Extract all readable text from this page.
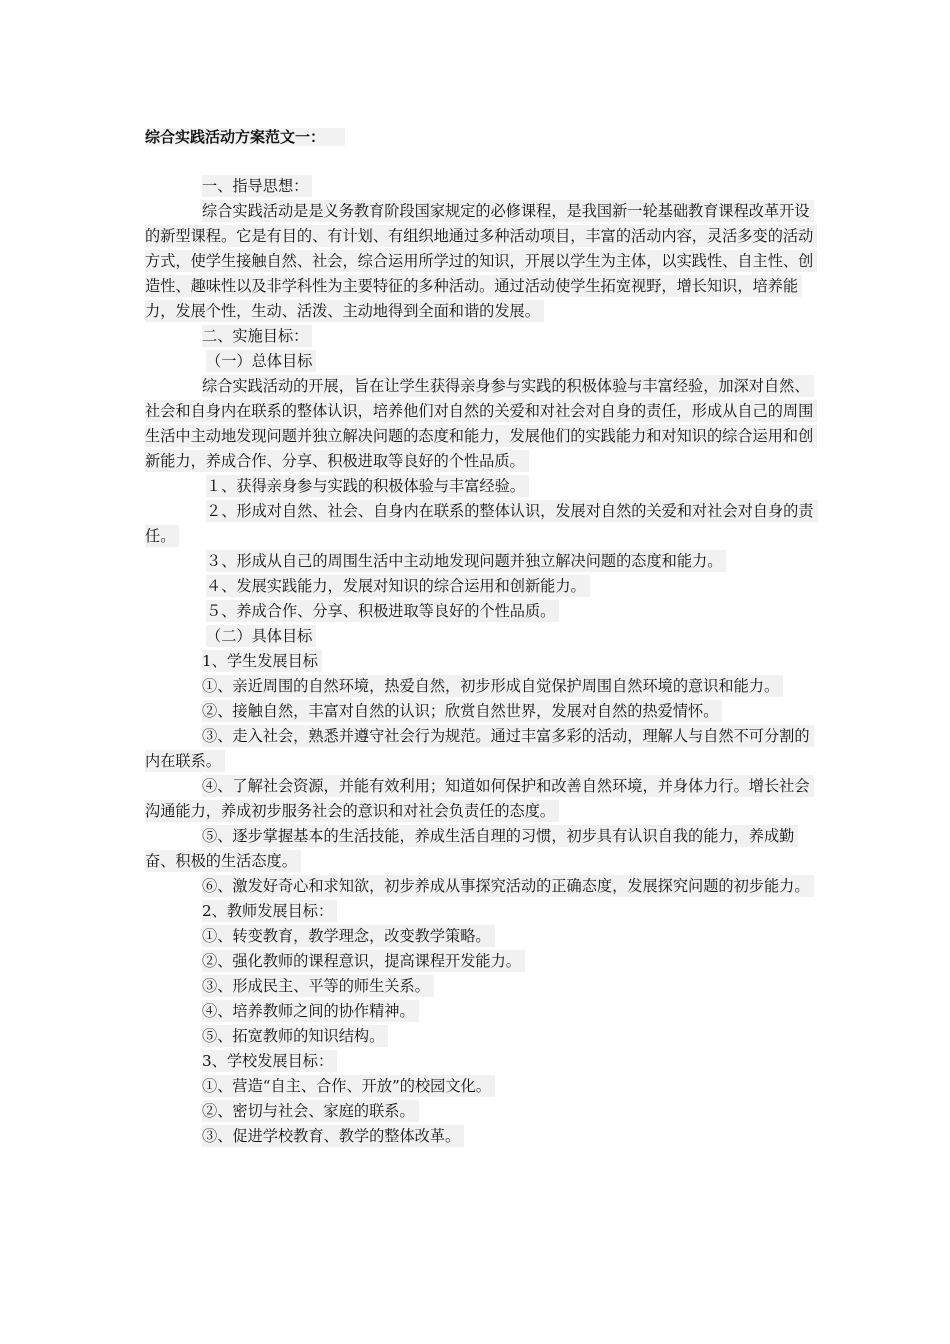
综合实践活动方案范文一：

一、指导思想：

综合实践活动是是义务教育阶段国家规定的必修课程，是我国新一轮基础教育课程改革开设的新型课程。它是有目的、有计划、有组织地通过多种活动项目，丰富的活动内容，灵活多变的活动方式，使学生接触自然、社会，综合运用所学过的知识，开展以学生为主体，以实践性、自主性、创造性、趣味性以及非学科性为主要特征的多种活动。通过活动使学生拓宽视野，增长知识，培养能力，发展个性，生动、活泼、主动地得到全面和谐的发展。

二、实施目标：

（一）总体目标

综合实践活动的开展，旨在让学生获得亲身参与实践的积极体验与丰富经验，加深对自然、社会和自身内在联系的整体认识，培养他们对自然的关爱和对社会对自身的责任，形成从自己的周围生活中主动地发现问题并独立解决问题的态度和能力，发展他们的实践能力和对知识的综合运用和创新能力，养成合作、分享、积极进取等良好的个性品质。

１、获得亲身参与实践的积极体验与丰富经验。

２、形成对自然、社会、自身内在联系的整体认识，发展对自然的关爱和对社会对自身的责任。

３、形成从自己的周围生活中主动地发现问题并独立解决问题的态度和能力。

４、发展实践能力，发展对知识的综合运用和创新能力。

５、养成合作、分享、积极进取等良好的个性品质。

（二）具体目标

1、学生发展目标

①、亲近周围的自然环境，热爱自然，初步形成自觉保护周围自然环境的意识和能力。

②、接触自然，丰富对自然的认识；欣赏自然世界，发展对自然的热爱情怀。

③、走入社会，熟悉并遵守社会行为规范。通过丰富多彩的活动，理解人与自然不可分割的内在联系。

④、了解社会资源，并能有效利用；知道如何保护和改善自然环境，并身体力行。增长社会沟通能力，养成初步服务社会的意识和对社会负责任的态度。

⑤、逐步掌握基本的生活技能，养成生活自理的习惯，初步具有认识自我的能力，养成勤奋、积极的生活态度。

⑥、激发好奇心和求知欲，初步养成从事探究活动的正确态度，发展探究问题的初步能力。

2、教师发展目标：

①、转变教育，教学理念，改变教学策略。

②、强化教师的课程意识，提高课程开发能力。

③、形成民主、平等的师生关系。

④、培养教师之间的协作精神。

⑤、拓宽教师的知识结构。

3、学校发展目标：

①、营造“自主、合作、开放”的校园文化。

②、密切与社会、家庭的联系。

③、促进学校教育、教学的整体改革。
